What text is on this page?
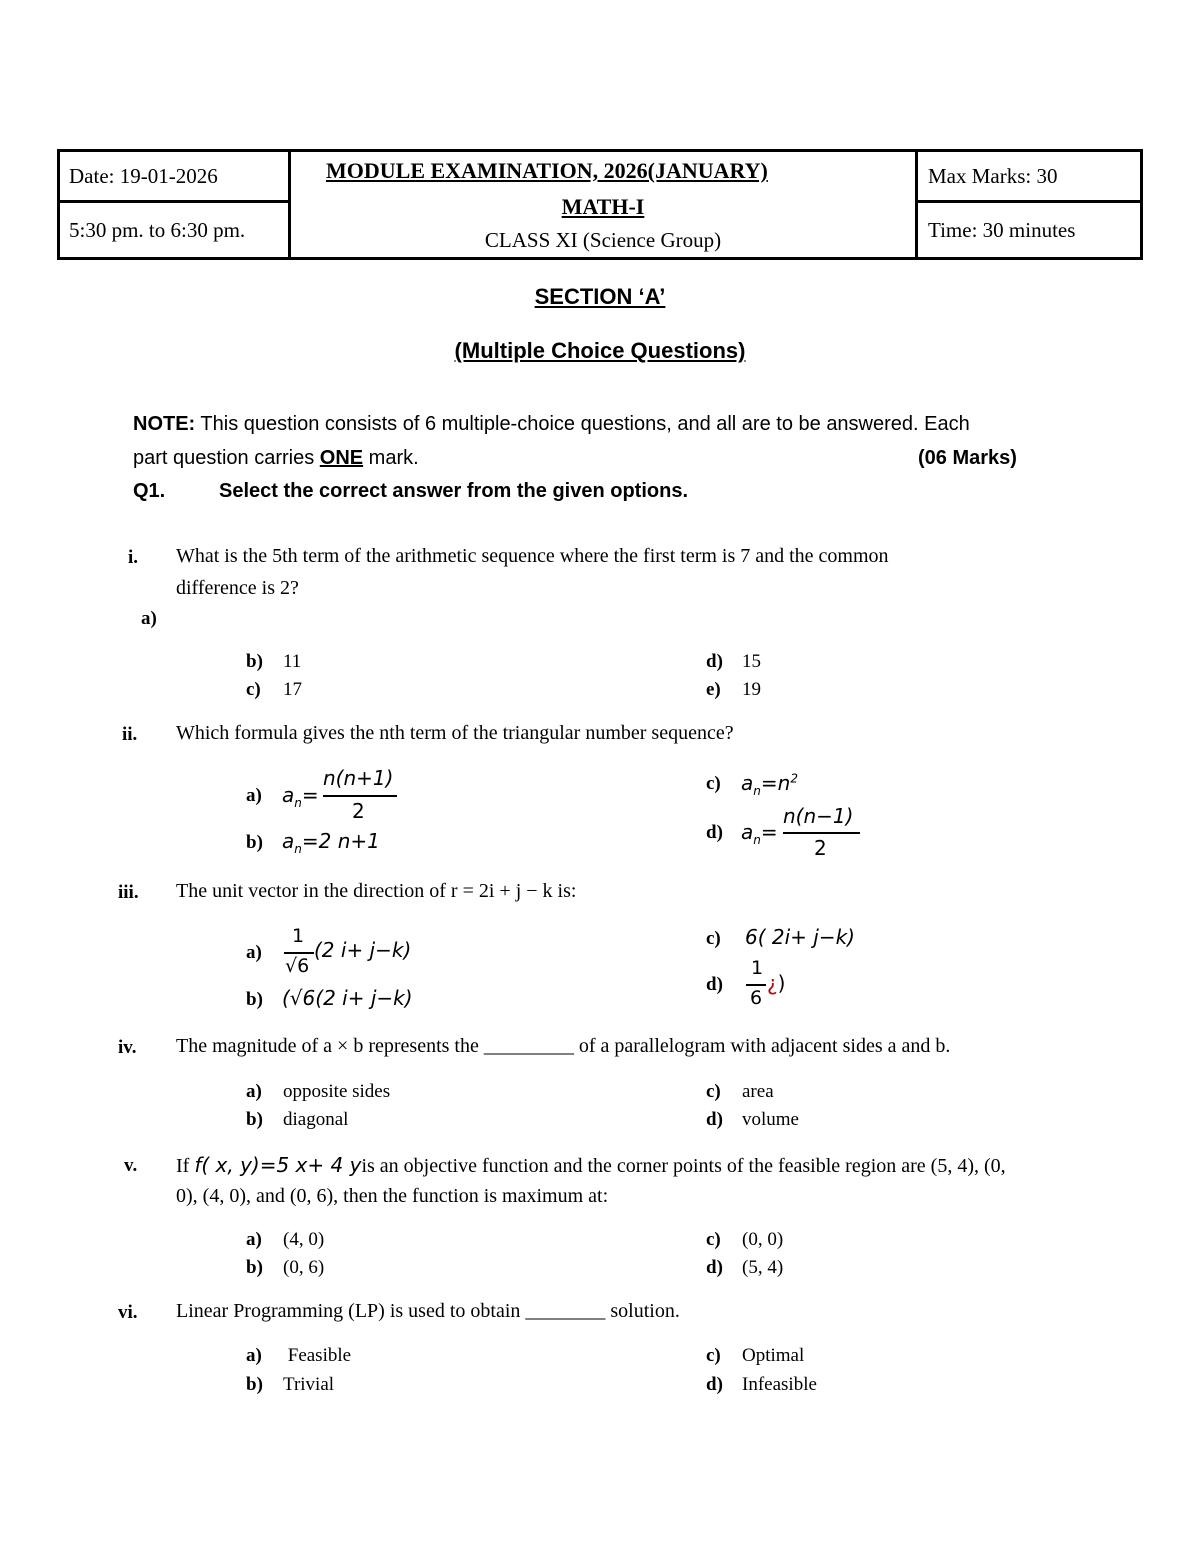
Date: 19-01-2026
5:30 pm. to 6:30 pm.
MODULE EXAMINATION, 2026(JANUARY)
MATH-I
CLASS XI (Science Group)
Max Marks: 30
Time: 30 minutes
SECTION ‘A’
(Multiple Choice Questions)
NOTE: This question consists of 6 multiple-choice questions, and all are to be answered. Each
part question carries ONE mark.	(06 Marks)
Q1.	Select the correct answer from the given options.
i. What is the 5th term of the arithmetic sequence where the first term is 7 and the common
difference is 2?
a)
b) 11	d) 15
c) 17	e) 19
ii. Which formula gives the nth term of the triangular number sequence?
a) $a_n=$
n(n+1)
2
c) $a_n=n^2$
b) $a_n=2$ n+1	d) $a_n=$
n(n−1)
2
iii. The unit vector in the direction of r = 2i + j − k is:
a)
1
√6
(2 i+ j−k)	c) 6( 2i+ j−k)
b) (√6(2 i+ j−k)
d)
1
6
¿)
iv. The magnitude of a × b represents the _________ of a parallelogram with adjacent sides a and b.
a) opposite sides	c) area
b) diagonal	d) volume
v. If f( x, y)=5 x+ 4 yis an objective function and the corner points of the feasible region are (5, 4), (0,
0), (4, 0), and (0, 6), then the function is maximum at:
a) (4, 0)	c) (0, 0)
b) (0, 6)	d) (5, 4)
vi. Linear Programming (LP) is used to obtain ________ solution.
a) Feasible	c) Optimal
b) Trivial	d) Infeasible
